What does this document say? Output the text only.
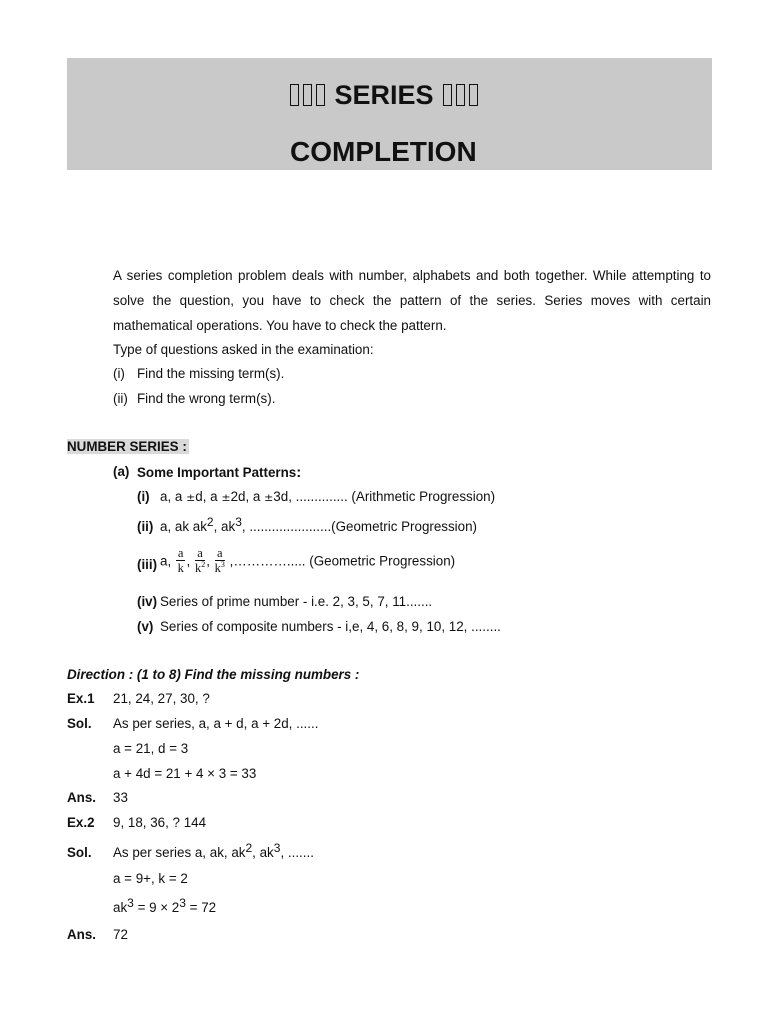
SERIES
COMPLETION
A series completion problem deals with number, alphabets and both together. While attempting to solve the question, you have to check the pattern of the series. Series moves with certain mathematical operations. You have to check the pattern.
Type of questions asked in the examination:
(i) Find the missing term(s).
(ii) Find the wrong term(s).
NUMBER SERIES :
(a) Some Important Patterns:
(i) a, a ±d, a ±2d, a ±3d, .............. (Arithmetic Progression)
(ii) a, ak $ak^2$, $ak^3$, ......................(Geometric Progression)
(iii) a, $\frac{a}{k}$ , $\frac{a}{k^2}$ , $\frac{a}{k^3}$ ,…………..... (Geometric Progression)
(iv) Series of prime number - i.e. 2, 3, 5, 7, 11.......
(v) Series of composite numbers - i,e, 4, 6, 8, 9, 10, 12, ........
Direction : (1 to 8) Find the missing numbers :
Ex.1 21, 24, 27, 30, ?
Sol. As per series, a, a + d, a + 2d, ......
a = 21, d = 3
a + 4d = 21 + 4 × 3 = 33
Ans. 33
Ex.2 9, 18, 36, ? 144
Sol. As per series a, ak, $ak^2$, $ak^3$, .......
a = 9+, k = 2
$ak^3 = 9 \times 2^3 = 72$
Ans. 72
